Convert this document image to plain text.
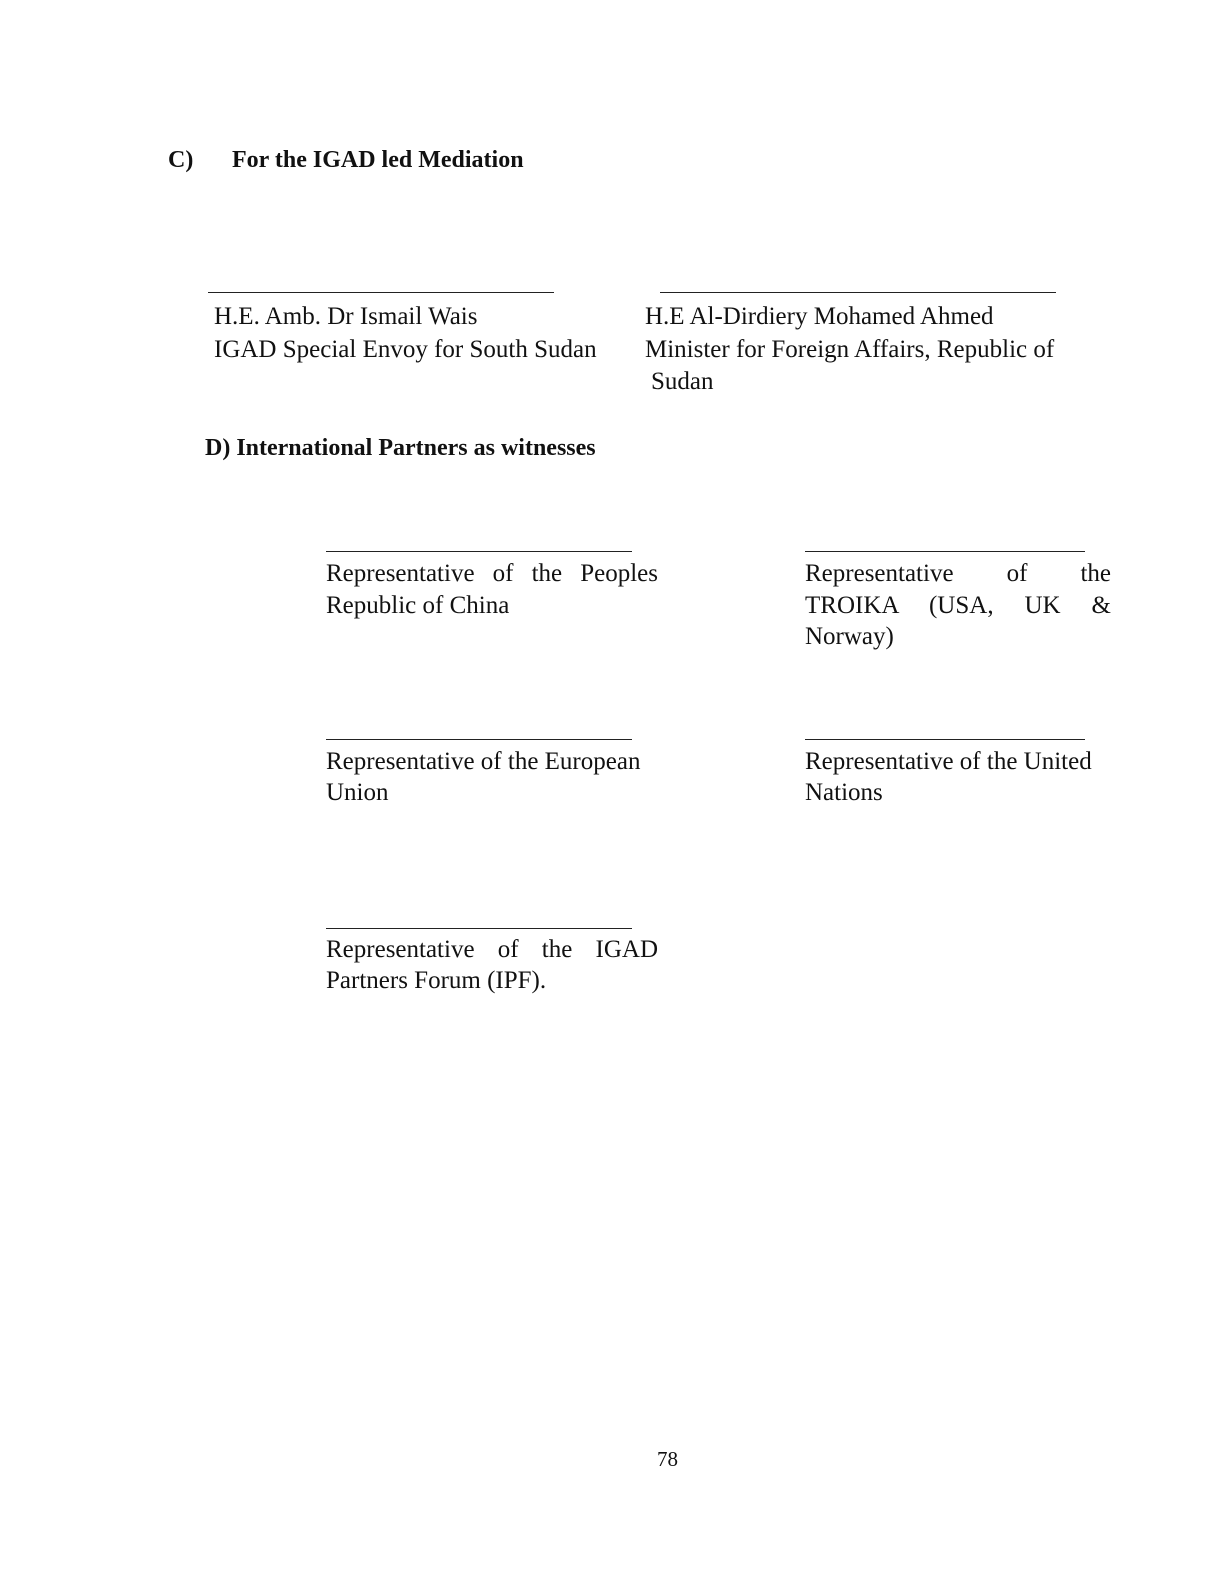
C) For the IGAD led Mediation
H.E. Amb. Dr Ismail Wais
IGAD Special Envoy for South Sudan
H.E Al-Dirdiery Mohamed Ahmed
Minister for Foreign Affairs, Republic of
Sudan
D) International Partners as witnesses
Representative of the Peoples
Republic of China
Representative of the
TROIKA (USA, UK &
Norway)
Representative of the European
Union
Representative of the United
Nations
Representative of the IGAD
Partners Forum (IPF).
78
